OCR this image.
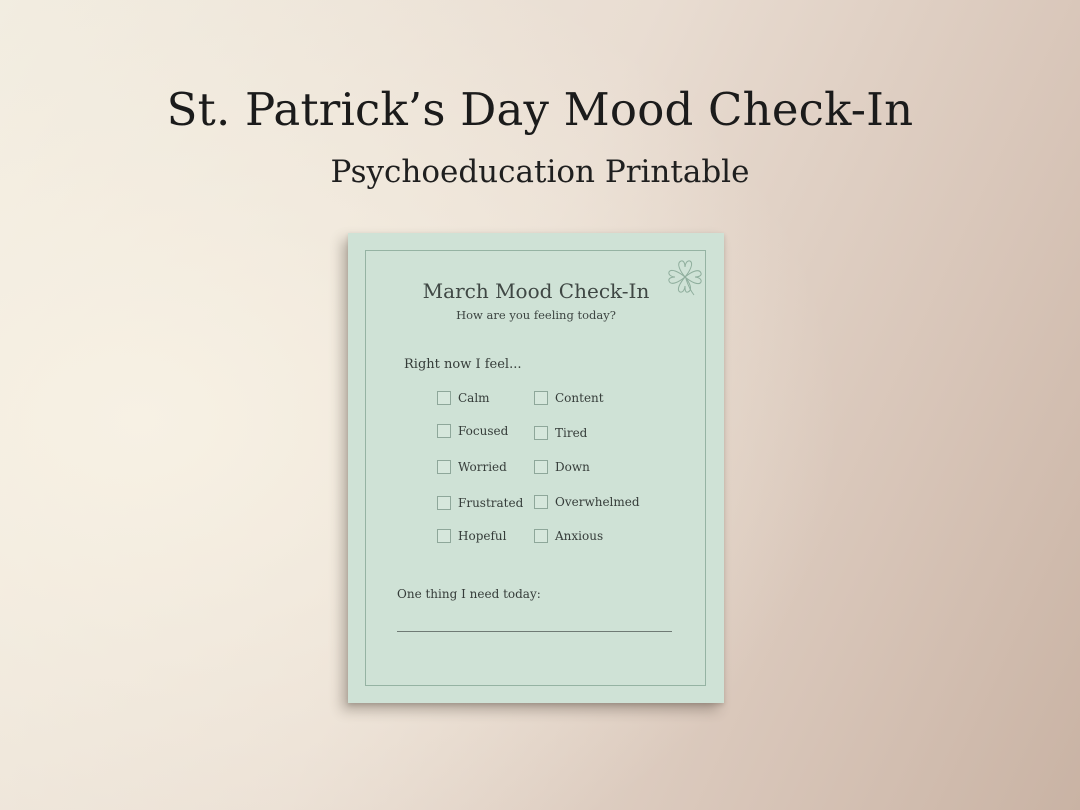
St. Patrick’s Day Mood Check-In
Psychoeducation Printable
March Mood Check-In
How are you feeling today?
Right now I feel...
Calm
Focused
Worried
Frustrated
Hopeful
Content
Tired
Down
Overwhelmed
Anxious
One thing I need today:
